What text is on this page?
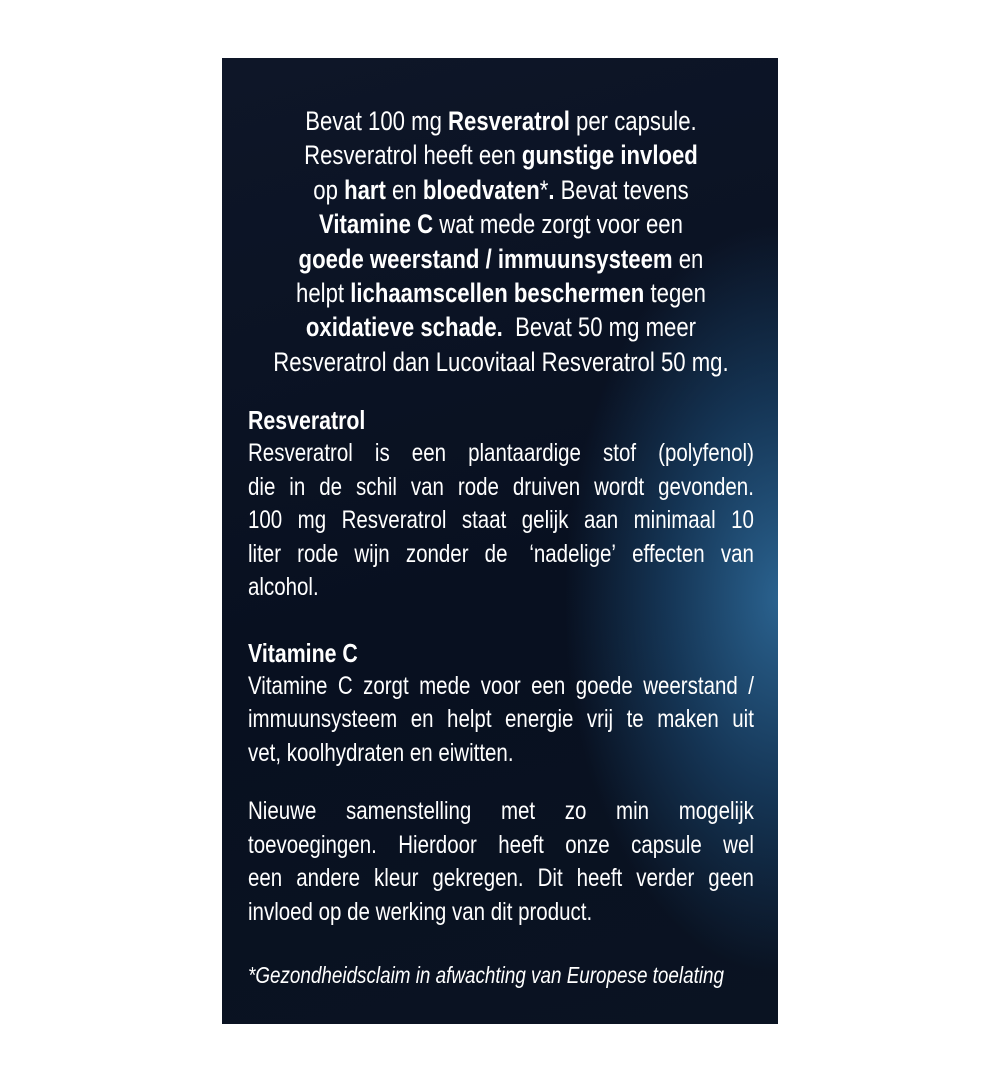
Bevat 100 mg Resveratrol per capsule.
Resveratrol heeft een gunstige invloed
op hart en bloedvaten*. Bevat tevens
Vitamine C wat mede zorgt voor een
goede weerstand / immuunsysteem en
helpt lichaamscellen beschermen tegen
oxidatieve schade.  Bevat 50 mg meer
Resveratrol dan Lucovitaal Resveratrol 50 mg.
Resveratrol
Resveratrol is een plantaardige stof (polyfenol)
die in de schil van rode druiven wordt gevonden.
100 mg Resveratrol staat gelijk aan minimaal 10
liter rode wijn zonder de ‘nadelige’ effecten van
alcohol.
Vitamine C
Vitamine C zorgt mede voor een goede weerstand /
immuunsysteem en helpt energie vrij te maken uit
vet, koolhydraten en eiwitten.
Nieuwe samenstelling met zo min mogelijk
toevoegingen. Hierdoor heeft onze capsule wel
een andere kleur gekregen. Dit heeft verder geen
invloed op de werking van dit product.
*Gezondheidsclaim in afwachting van Europese toelating
